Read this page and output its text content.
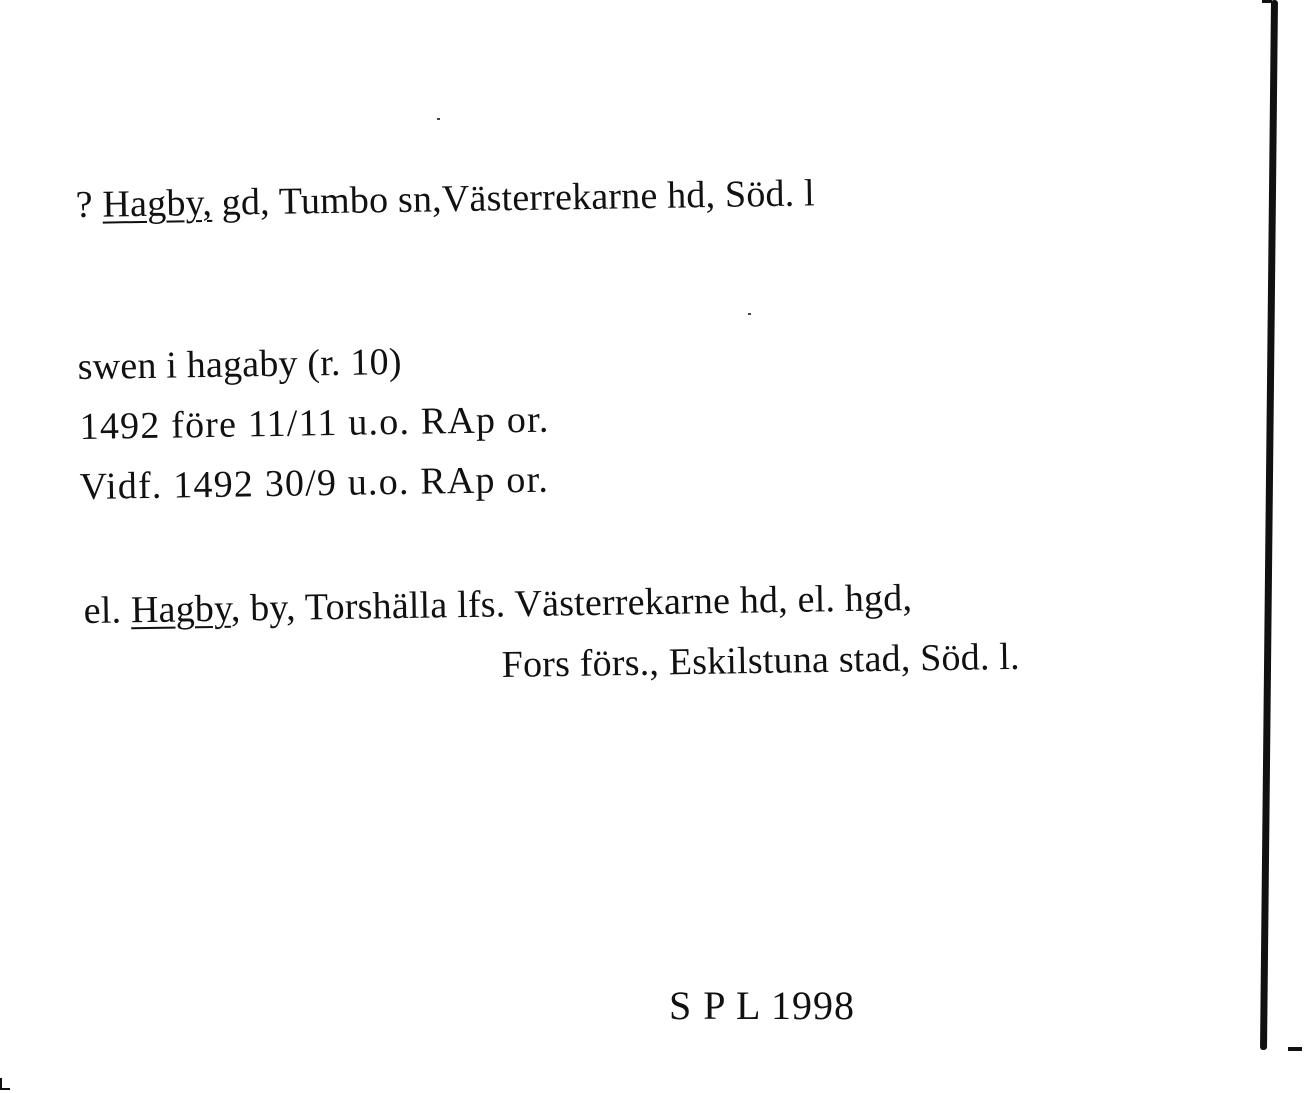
? Hagby, gd, Tumbo sn,Västerrekarne hd, Söd. l
swen i hagaby (r. 10)
1492 före 11/11 u.o. RAp or.
Vidf. 1492 30/9 u.o. RAp or.
el. Hagby, by, Torshälla lfs. Västerrekarne hd, el. hgd,
Fors förs., Eskilstuna stad, Söd. l.
S P L 1998
